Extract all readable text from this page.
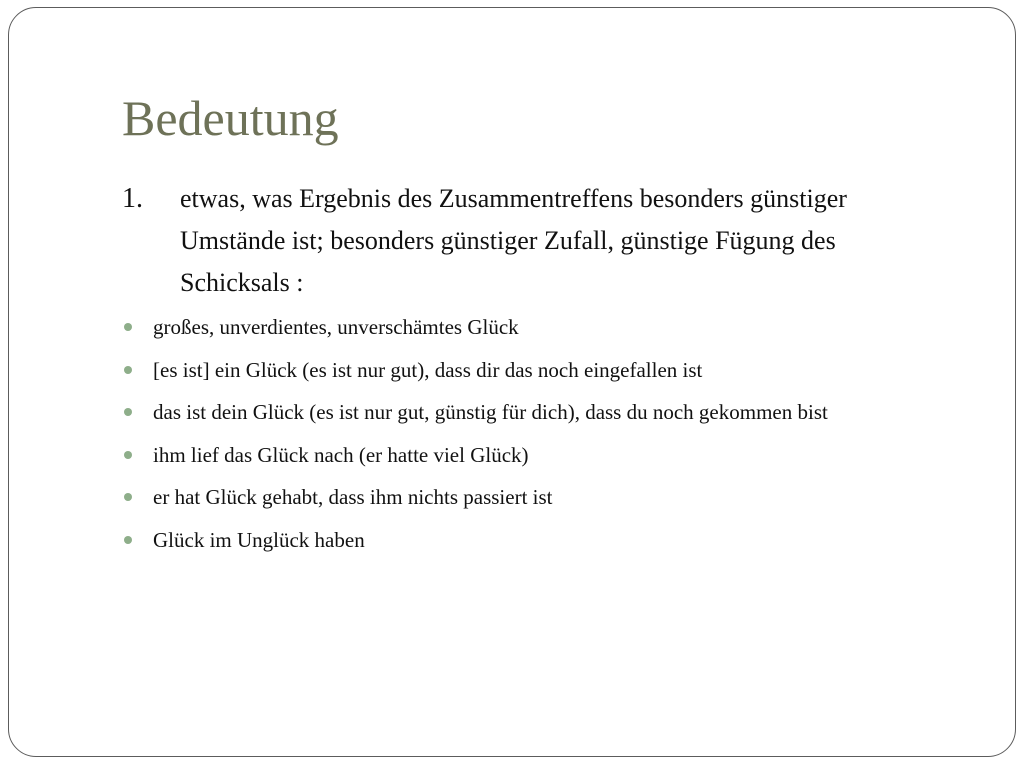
Bedeutung
1. etwas, was Ergebnis des Zusammentreffens besonders günstiger
Umstände ist; besonders günstiger Zufall, günstige Fügung des
Schicksals :
großes, unverdientes, unverschämtes Glück
[es ist] ein Glück (es ist nur gut), dass dir das noch eingefallen ist
das ist dein Glück (es ist nur gut, günstig für dich), dass du noch gekommen bist
ihm lief das Glück nach (er hatte viel Glück)
er hat Glück gehabt, dass ihm nichts passiert ist
Glück im Unglück haben
